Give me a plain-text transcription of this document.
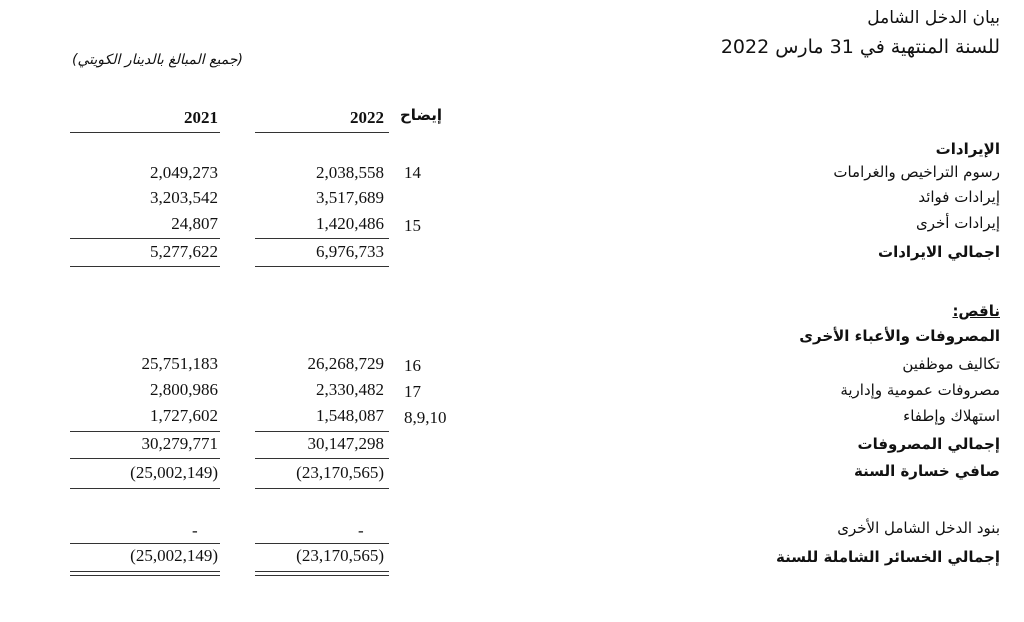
بيان الدخل الشامل
للسنة المنتهية في 31 مارس 2022
(جميع المبالغ بالدينار الكويتي)
إيضاح
2022
2021
الإيرادات
رسوم التراخيص والغرامات
14
2,038,558
2,049,273
إيرادات فوائد
3,517,689
3,203,542
إيرادات أخرى
15
1,420,486
24,807
اجمالي الايرادات
6,976,733
5,277,622
ناقص:
المصروفات والأعباء الأخرى
تكاليف موظفين
16
26,268,729
25,751,183
مصروفات عمومية وإدارية
17
2,330,482
2,800,986
استهلاك وإطفاء
8,9,10
1,548,087
1,727,602
إجمالي المصروفات
30,147,298
30,279,771
صافي خسارة السنة
(23,170,565)
(25,002,149)
بنود الدخل الشامل الأخرى
-
-
إجمالي الخسائر الشاملة للسنة
(23,170,565)
(25,002,149)
